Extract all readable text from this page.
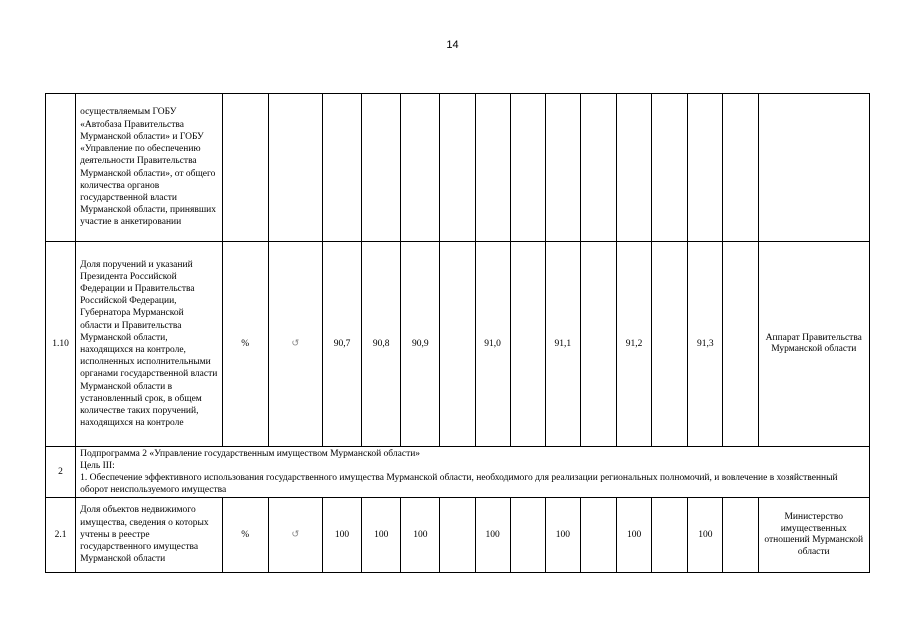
14
	осуществляемым ГОБУ «Автобаза Правительства Мурманской области» и ГОБУ «Управление по обеспечению деятельности Правительства Мурманской области», от общего количества органов государственной власти Мурманской области, принявших участие в анкетировании															
1.10	Доля поручений и указаний Президента Российской Федерации и Правительства Российской Федерации, Губернатора Мурманской области и Правительства Мурманской области, находящихся на контроле, исполненных исполнительными органами государственной власти Мурманской области в установленный срок, в общем количестве таких поручений, находящихся на контроле	%	↺	90,7	90,8	90,9		91,0		91,1		91,2		91,3		Аппарат Правительства Мурманской области
2	Подпрограмма 2 «Управление государственным имуществом Мурманской области»
Цель III:
1. Обеспечение эффективного использования государственного имущества Мурманской области, необходимого для реализации региональных полномочий, и вовлечение в хозяйственный оборот неиспользуемого имущества															

2.1	Доля объектов недвижимого имущества, сведения о которых учтены в реестре государственного имущества Мурманской области	%	↺	100	100	100		100		100		100		100		Министерство имущественных отношений Мурманской области
